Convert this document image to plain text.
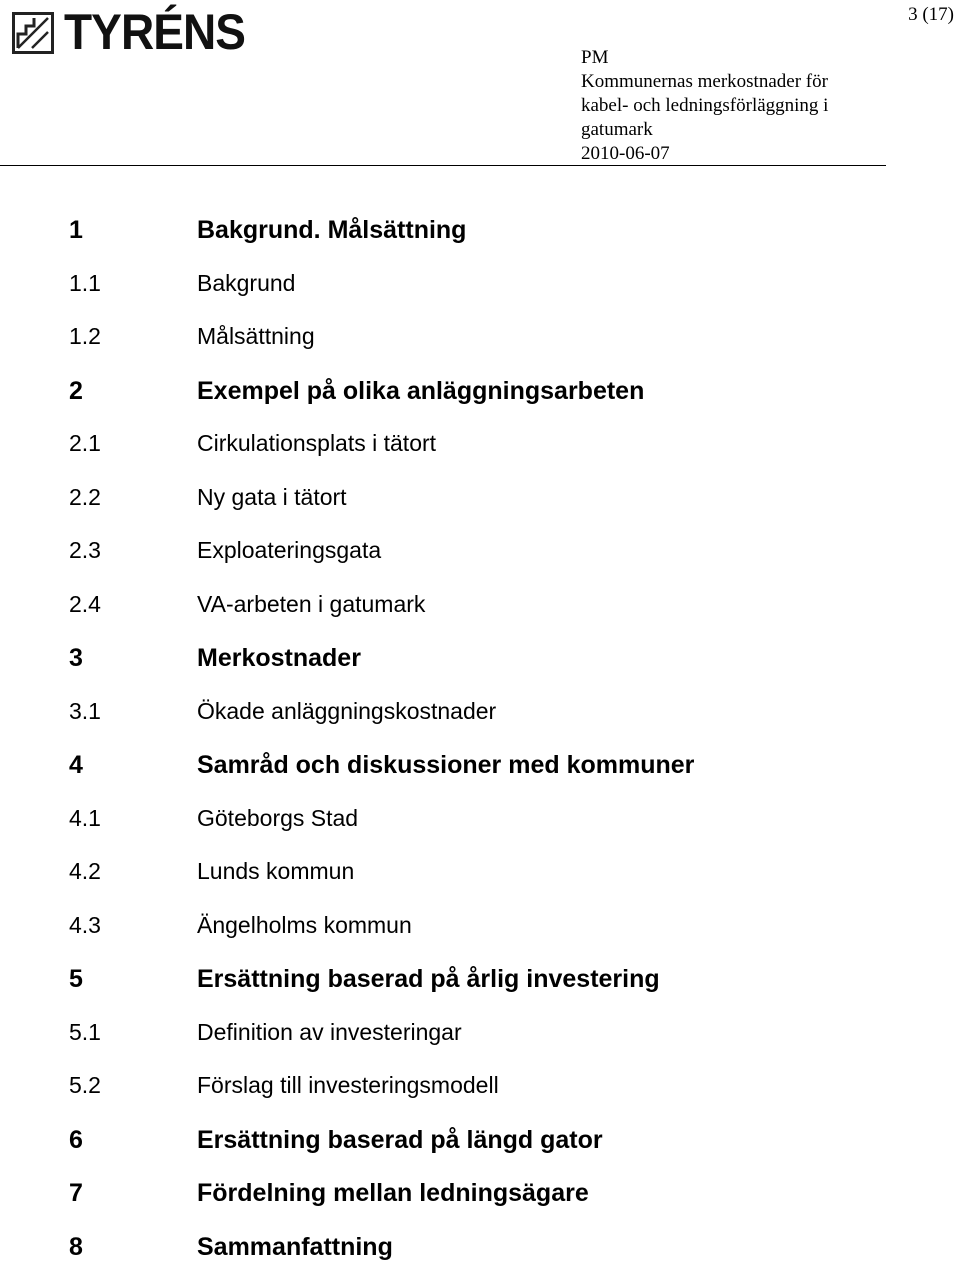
TYRÉNS	3 (17)
PM
Kommunernas merkostnader för
kabel- och ledningsförläggning i
gatumark
2010-06-07
1	Bakgrund. Målsättning
1.1	Bakgrund
1.2	Målsättning
2	Exempel på olika anläggningsarbeten
2.1	Cirkulationsplats i tätort
2.2	Ny gata i tätort
2.3	Exploateringsgata
2.4	VA-arbeten i gatumark
3	Merkostnader
3.1	Ökade anläggningskostnader
4	Samråd och diskussioner med kommuner
4.1	Göteborgs Stad
4.2	Lunds kommun
4.3	Ängelholms kommun
5	Ersättning baserad på årlig investering
5.1	Definition av investeringar
5.2	Förslag till investeringsmodell
6	Ersättning baserad på längd gator
7	Fördelning mellan ledningsägare
8	Sammanfattning
